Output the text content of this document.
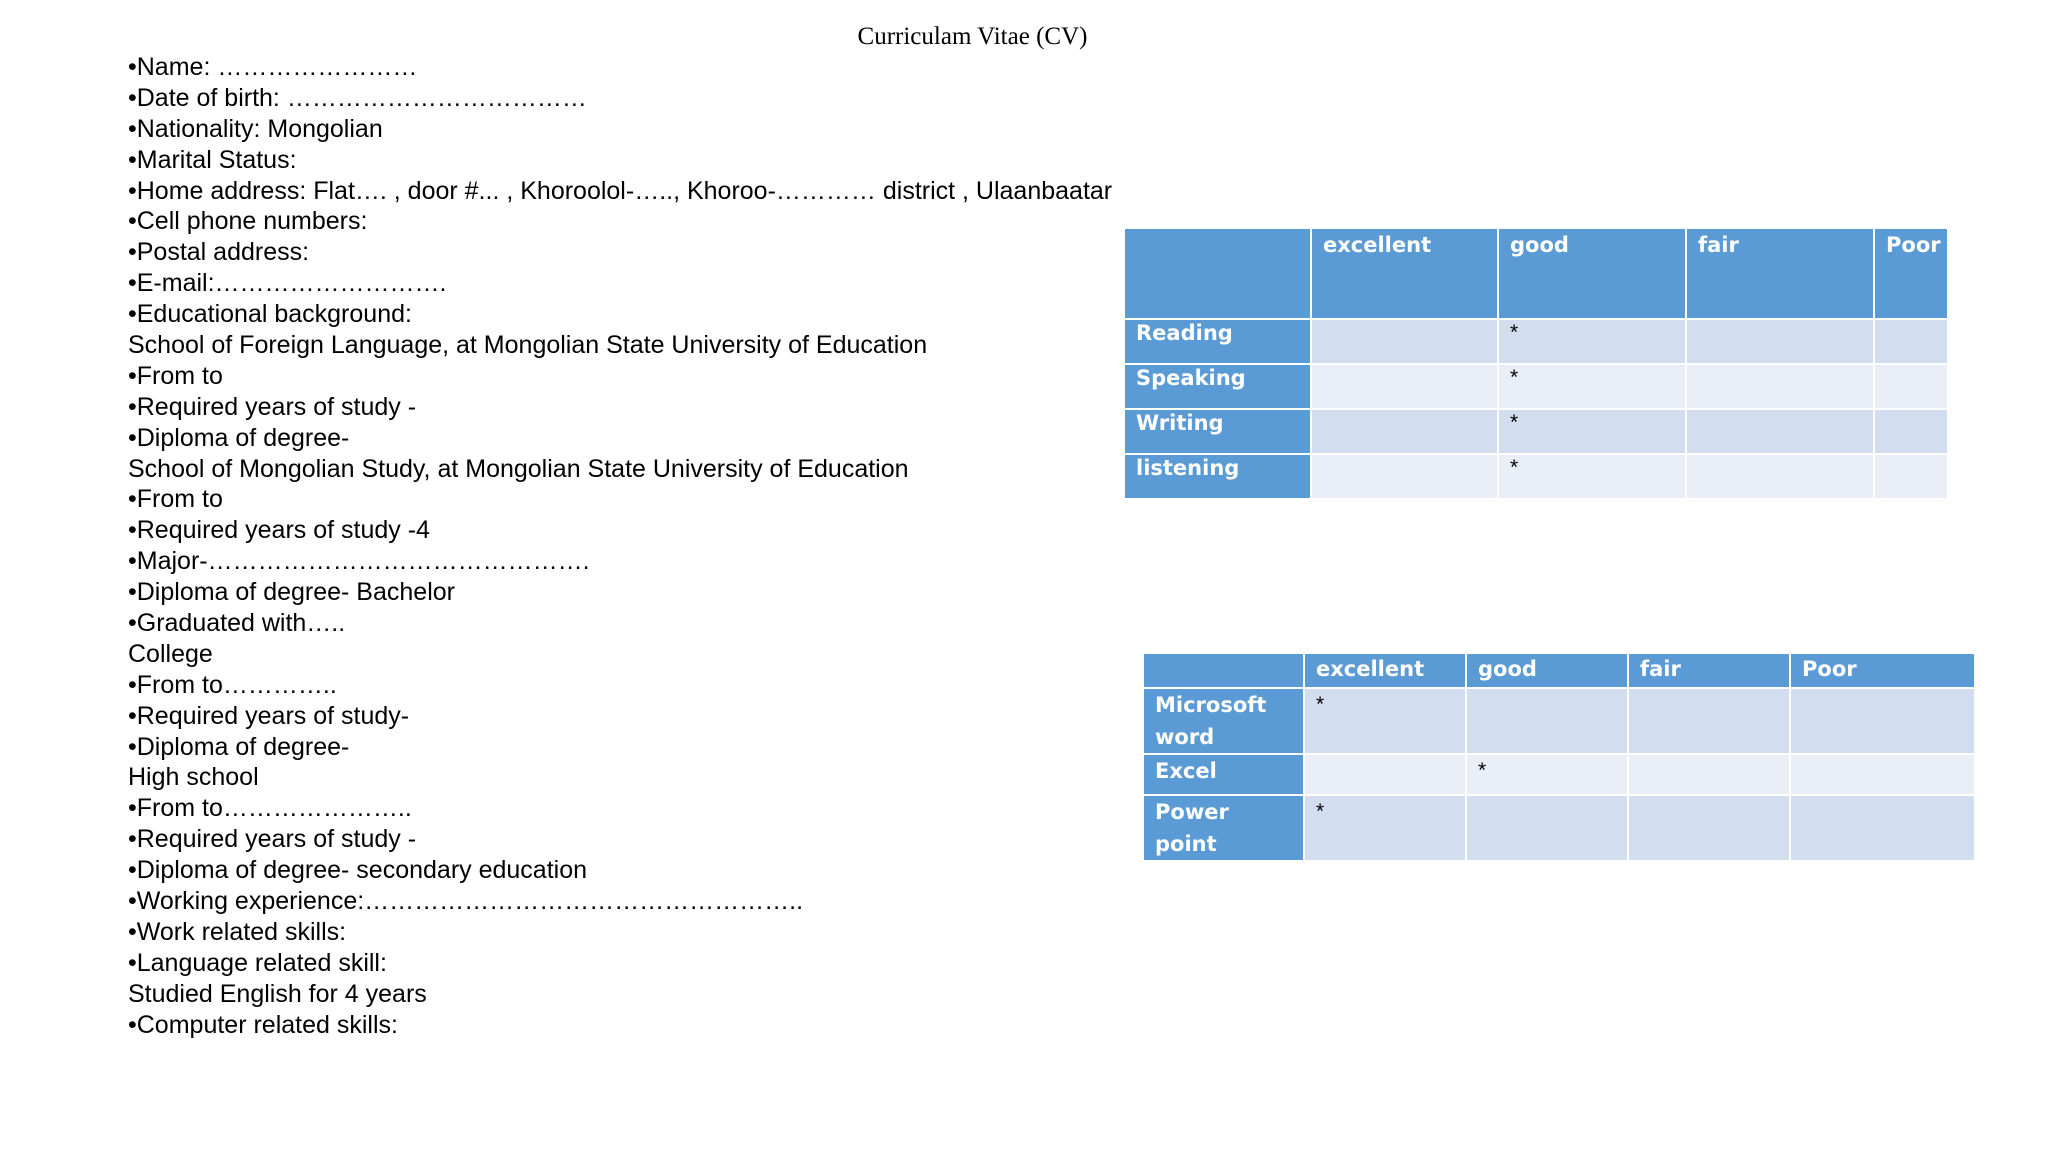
Curriculam Vitae (CV)
•Name: ……………………
•Date of birth: ………………………………
•Nationality: Mongolian
•Marital Status:
•Home address: Flat…. , door #... , Khoroolol-….., Khoroo-………… district , Ulaanbaatar
•Cell phone numbers:
•Postal address:
•E-mail:……………………….
•Educational background:
School of Foreign Language, at Mongolian State University of Education
•From to
•Required years of study -
•Diploma of degree-
School of Mongolian Study, at Mongolian State University of Education
•From to
•Required years of study -4
•Major-……………………………………….
•Diploma of degree- Bachelor
•Graduated with…..
College
•From to…………..
•Required years of study-
•Diploma of degree-
High school
•From to…………………..
•Required years of study -
•Diploma of degree- secondary education
•Working experience:……………………………………………..
•Work related skills:
•Language related skill:
Studied English for 4 years
•Computer related skills:
	excellent	good	fair	Poor
Reading		*		
Speaking		*		
Writing		*		
listening		*		
	excellent	good	fair	Poor
Microsoft word	*			
Excel		*		
Power point	*			
